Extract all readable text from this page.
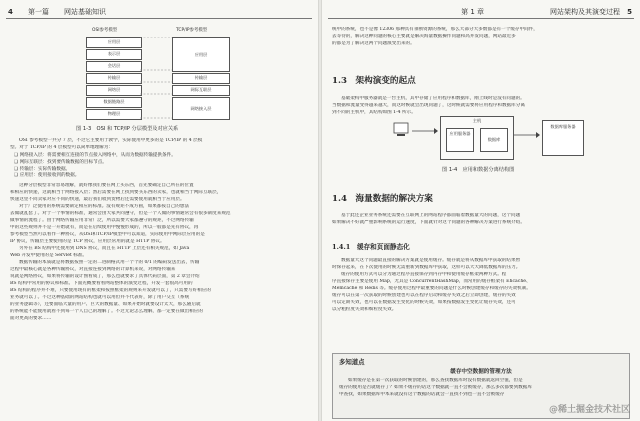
4 第一篇 网站基础知识
OSI参考模型	TCP/IP参考模型
应用层
表示层
会话层
传输层
网络层
数据链路层
物理层
应用层
传输层
网际互联层
网络接入层
图 1-3　OSI 和 TCP/IP 分层模型及对应关系
OSI 参考模型一共分 7 层，不过它主要用于教学，实际使用中更多的是 TCP/IP 的 4 层模
型。对于 TCP/IP 的 4 层模型可以简单地理解为：
❑ 网络接入层：将需要相互连接的节点接入网络中，从而为数据传输提供条件。
❑ 网际互联层：找到要传输数据的目标节点。
❑ 传输层：实际传输数据。
❑ 应用层：使用接收到的数据。
这种分层模型非常容易理解，就好像我们要在网上买东西，首先要确定自己所在的位置
和相应的快递，这就相当于网络接入层；然后需要在网上找到要买东西的卖家，也就相当于网际互联层，
快递这里不同卖家对应不同的快递，最后我们收到货物后还需要使用就相当于应用层。
对于广泛使用的系统需要制定相应的标准。没有规矩不成方圆，如果都按自己的想法
去做就乱套了。对于一个事情的标准，通常会由大家共同遵守，但是一个人做的事情通常会有很多制度来规范
做事情的流程了。由于网络传输应用非常广泛，所以需要大家都遵守的规矩，不过网络传输
中的这些规则并不是一开始就有，而是在后续使用中慢慢形成的，所以一般都是先有协议，再
参考模型当然可以看作一种协议，从OSI和TCP/IP模型中可以知道，实际使用中网际层应用的是
IP 协议，传输层主要使用的是 TCP 协议，应用层常用的就是 HTTP 协议。
另外在 BS 结构中还使用到 DNS 协议，而且在 HTTP 上层还有相关规范，如 Java
Web 开发中使用的是 Servlet 标准。
数据传输的本质就是将数据按照一定的二进制格式用一个个的 0/1 的编码发送出去，传输
过程中最核心就是各种传输协议，对直接连接到网络的计算机来说，对网络传输来
说就是网络协议，如果将传输的设计图看成了，那么也就要求了具体代码层面，第 2 章会介绍
BS 结构中常用的协议和标准。下面先概要看看网站整体的演变过程，开发一套很高可用的
BS 结构的程序并不难，只要使用现有的框架和按照框架的规则来开发就可以了，只需要写好相应的
业务就可以了。不过这种基础的网站结构也就可以用但并不代表好，除了用户交互（系统
的业务逻辑等），还要面临大量的用户、巨大的数据量、如果开始时就要设计太大，那么随后就
的系统能不能使用就看不到每一个人自己的理解了。不过无论怎么理解，都一定要在做出相应的
面对更高的要求……
第 1 章	网站架构及其演变过程 5
统中的系统，也不是像 12306 那种具有垂断资源的系统，那么大部分大多数都是有一个缓存中间件，
去等待的，解决这种问题的核心主要就是解决海量数据操作问题和高并发问题，网站最近多
的都是为了解决这两个问题演变出来的。
1.3　架构演变的起点
基础架构中服务器就是一台主机，其中存储了应用程序和数据库，刚上线时是没有问题的。
当数据和流量变得越来越大，而这时候就会出现问题了，这时候就需要将应用程序和数据库分离
到不同的主机中，其结构如图 1-4 所示。
主机
应用服务器
数据库
数据库服务器
图 1-4　应用和数据分离结构图
1.4　海量数据的解决方案
基于此还企业业务系统还需要在互联网上的网站程序都面临着数据量大的问题，这个问题
如果解决不好就严重影响系统的运行速度，下面就针对这个问题的各种解决方案进行系统介绍。
1.4.1　缓存和页面静态化
数据量大这个问题最直接的解决方案就是使用缓存。缓存就是将从数据库中获取的结果暂
时保存起来，在下次使用的时候无需重新到数据库中获取，这样可以大大降低数据库的压力。
缓存的使用方式可以分为通过程序直接保存到内存中和使用缓存框架两种方式。程
序直接保存主要是使用 Map，尤其是 ConcurrentHashMap，而常用的缓存框架有 Ehcache、
Memcache 和 Redis 等。缓存使用过程中最重要的问题是什么时候创建缓存和缓存的失效机制。
缓存可以在第一次获取的时候创建也可以在程序启动和缓存失效之后立即创建，缓存的失效
可以定期失效，也可以在数据发生变化的时候失效，如果按数据发生变化让缓存失效，还可
以分粗粒度失效和细粒度失效。
多知道点
缓存中空数据的管理方法
如果缓存是在第一次获取的时候创建的，那么查找数据库时没有数据就返回空值，但是
缓存的使用是否就缓存了？如果不缓存的话这个数据就一直不会被缓存，那么多次都要到数据库
中查找，如果数据库中本来就没有这个数据的话就会一直找不到也一直不会被缓存
@稀土掘金技术社区
